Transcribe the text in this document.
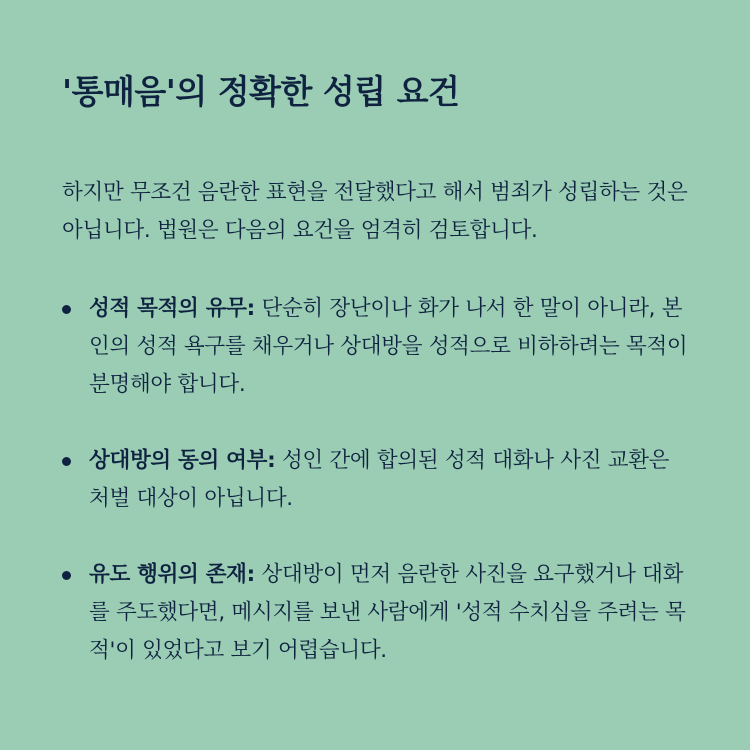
'통매음'의 정확한 성립 요건

하지만 무조건 음란한 표현을 전달했다고 해서 범죄가 성립하는 것은 아닙니다. 법원은 다음의 요건을 엄격히 검토합니다.

성적 목적의 유무: 단순히 장난이나 화가 나서 한 말이 아니라, 본인의 성적 욕구를 채우거나 상대방을 성적으로 비하하려는 목적이 분명해야 합니다.
상대방의 동의 여부: 성인 간에 합의된 성적 대화나 사진 교환은 처벌 대상이 아닙니다.
유도 행위의 존재: 상대방이 먼저 음란한 사진을 요구했거나 대화를 주도했다면, 메시지를 보낸 사람에게 '성적 수치심을 주려는 목적'이 있었다고 보기 어렵습니다.
